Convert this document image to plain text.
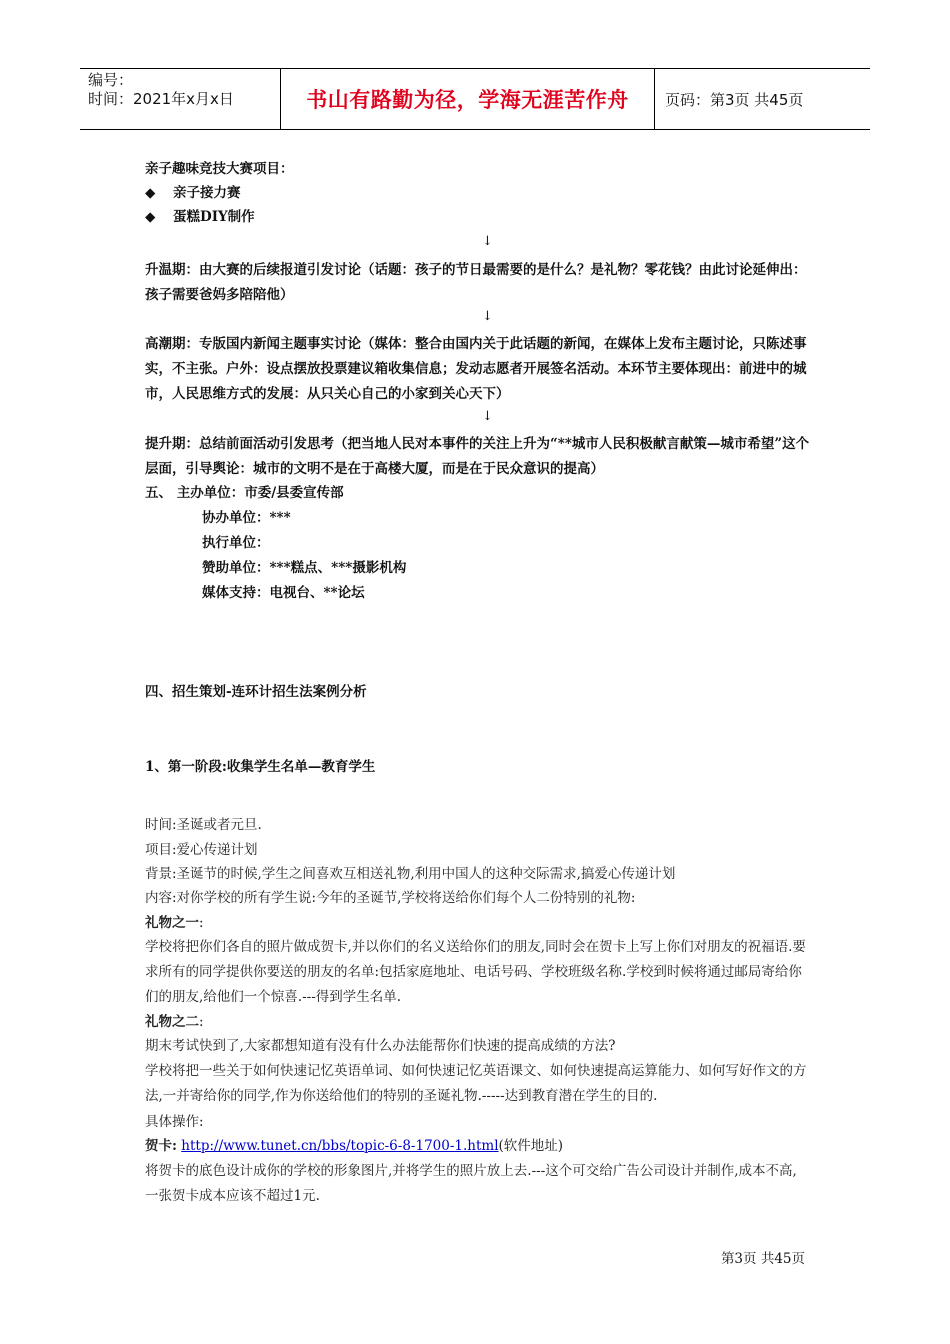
编号：
时间：2021年x月x日	书山有路勤为径，学海无涯苦作舟	页码：第3页 共45页
亲子趣味竞技大赛项目：
◆ 亲子接力赛
◆ 蛋糕DIY制作
↓
升温期：由大赛的后续报道引发讨论（话题：孩子的节日最需要的是什么？是礼物？零花钱？由此讨论延伸出：孩子需要爸妈多陪陪他）
↓
高潮期：专版国内新闻主题事实讨论（媒体：整合由国内关于此话题的新闻，在媒体上发布主题讨论，只陈述事实，不主张。户外：设点摆放投票建议箱收集信息；发动志愿者开展签名活动。本环节主要体现出：前进中的城市，人民思维方式的发展：从只关心自己的小家到关心天下）
↓
提升期：总结前面活动引发思考（把当地人民对本事件的关注上升为“**城市人民积极献言献策—城市希望”这个层面，引导舆论：城市的文明不是在于高楼大厦，而是在于民众意识的提高）
五、 主办单位：市委/县委宣传部
协办单位：***
执行单位：
赞助单位：***糕点、***摄影机构
媒体支持：电视台、**论坛
四、招生策划-连环计招生法案例分析
1、第一阶段:收集学生名单—教育学生
时间:圣诞或者元旦.
项目:爱心传递计划
背景:圣诞节的时候,学生之间喜欢互相送礼物,利用中国人的这种交际需求,搞爱心传递计划
内容:对你学校的所有学生说:今年的圣诞节,学校将送给你们每个人二份特别的礼物:
礼物之一:
学校将把你们各自的照片做成贺卡,并以你们的名义送给你们的朋友,同时会在贺卡上写上你们对朋友的祝福语.要求所有的同学提供你要送的朋友的名单:包括家庭地址、电话号码、学校班级名称.学校到时候将通过邮局寄给你们的朋友,给他们一个惊喜.---得到学生名单.
礼物之二:
期末考试快到了,大家都想知道有没有什么办法能帮你们快速的提高成绩的方法?
学校将把一些关于如何快速记忆英语单词、如何快速记忆英语课文、如何快速提高运算能力、如何写好作文的方法,一并寄给你的同学,作为你送给他们的特别的圣诞礼物.-----达到教育潜在学生的目的.
具体操作:
贺卡: http://www.tunet.cn/bbs/topic-6-8-1700-1.html(软件地址)
将贺卡的底色设计成你的学校的形象图片,并将学生的照片放上去.---这个可交给广告公司设计并制作,成本不高,一张贺卡成本应该不超过1元.
第3页 共45页
